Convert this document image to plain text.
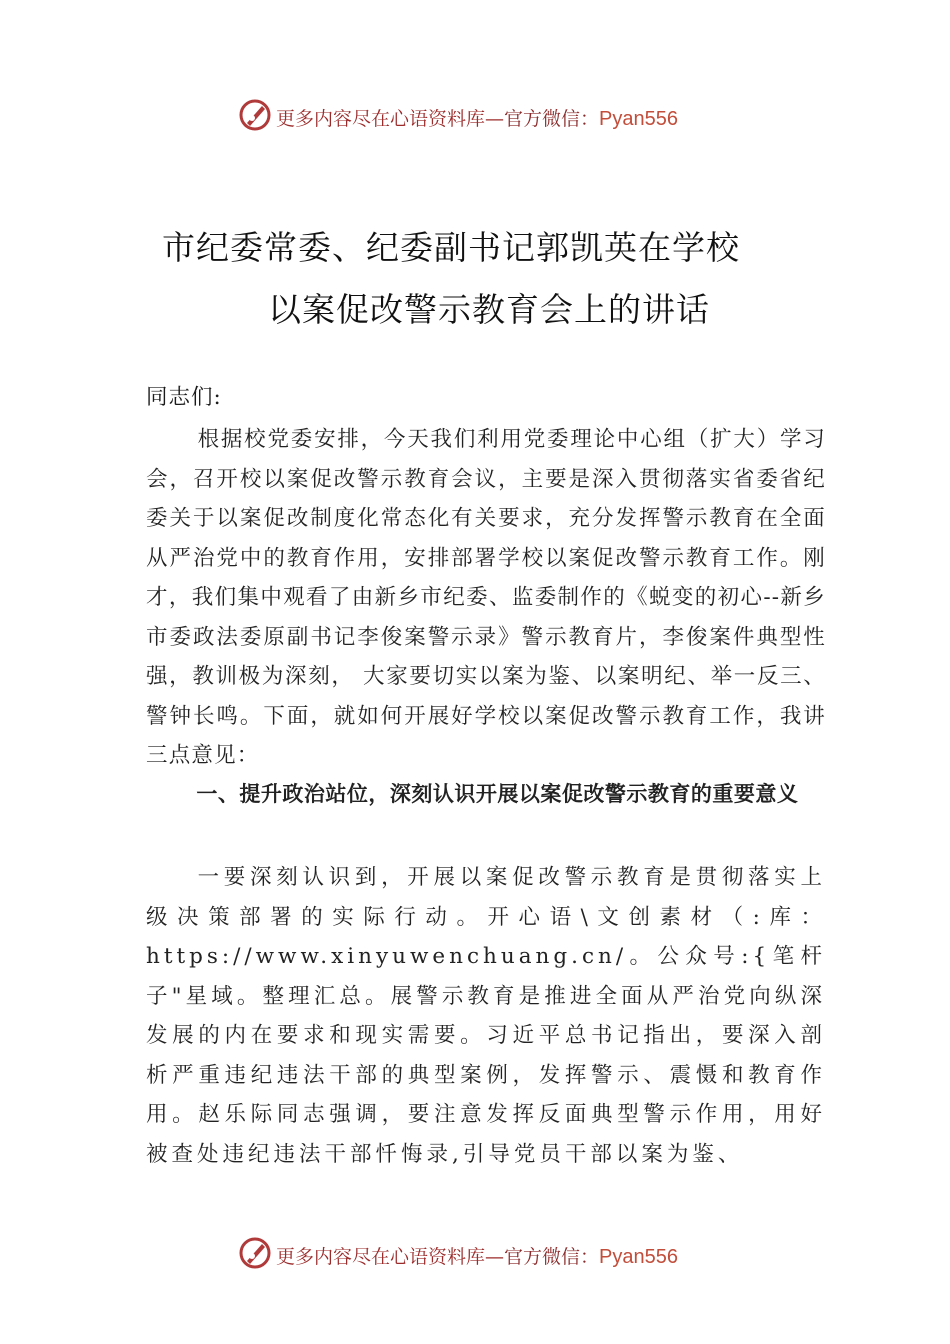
更多内容尽在心语资料库—官方微信：Pyan556
市纪委常委、纪委副书记郭凯英在学校
以案促改警示教育会上的讲话
同志们:

根据校党委安排，今天我们利用党委理论中心组（扩大）学习会，召开校以案促改警示教育会议，主要是深入贯彻落实省委省纪委关于以案促改制度化常态化有关要求，充分发挥警示教育在全面从严治党中的教育作用，安排部署学校以案促改警示教育工作。刚才，我们集中观看了由新乡市纪委、监委制作的《蜕变的初心--新乡市委政法委原副书记李俊案警示录》警示教育片，李俊案件典型性强，教训极为深刻， 大家要切实以案为鉴、以案明纪、举一反三、警钟长鸣。下面，就如何开展好学校以案促改警示教育工作，我讲三点意见：

一、提升政治站位，深刻认识开展以案促改警示教育的重要意义

一要深刻认识到，开展以案促改警示教育是贯彻落实上级决策部署的实际行动。开心语\文创素材（:库：https://www.xinyuwenchuang.cn/。公众号:{笔杆子"星域。整理汇总。展警示教育是推进全面从严治党向纵深发展的内在要求和现实需要。习近平总书记指出，要深入剖析严重违纪违法干部的典型案例，发挥警示、震慑和教育作用。赵乐际同志强调，要注意发挥反面典型警示作用，用好被查处违纪违法干部忏悔录,引导党员干部以案为鉴、

更多内容尽在心语资料库—官方微信：Pyan556
